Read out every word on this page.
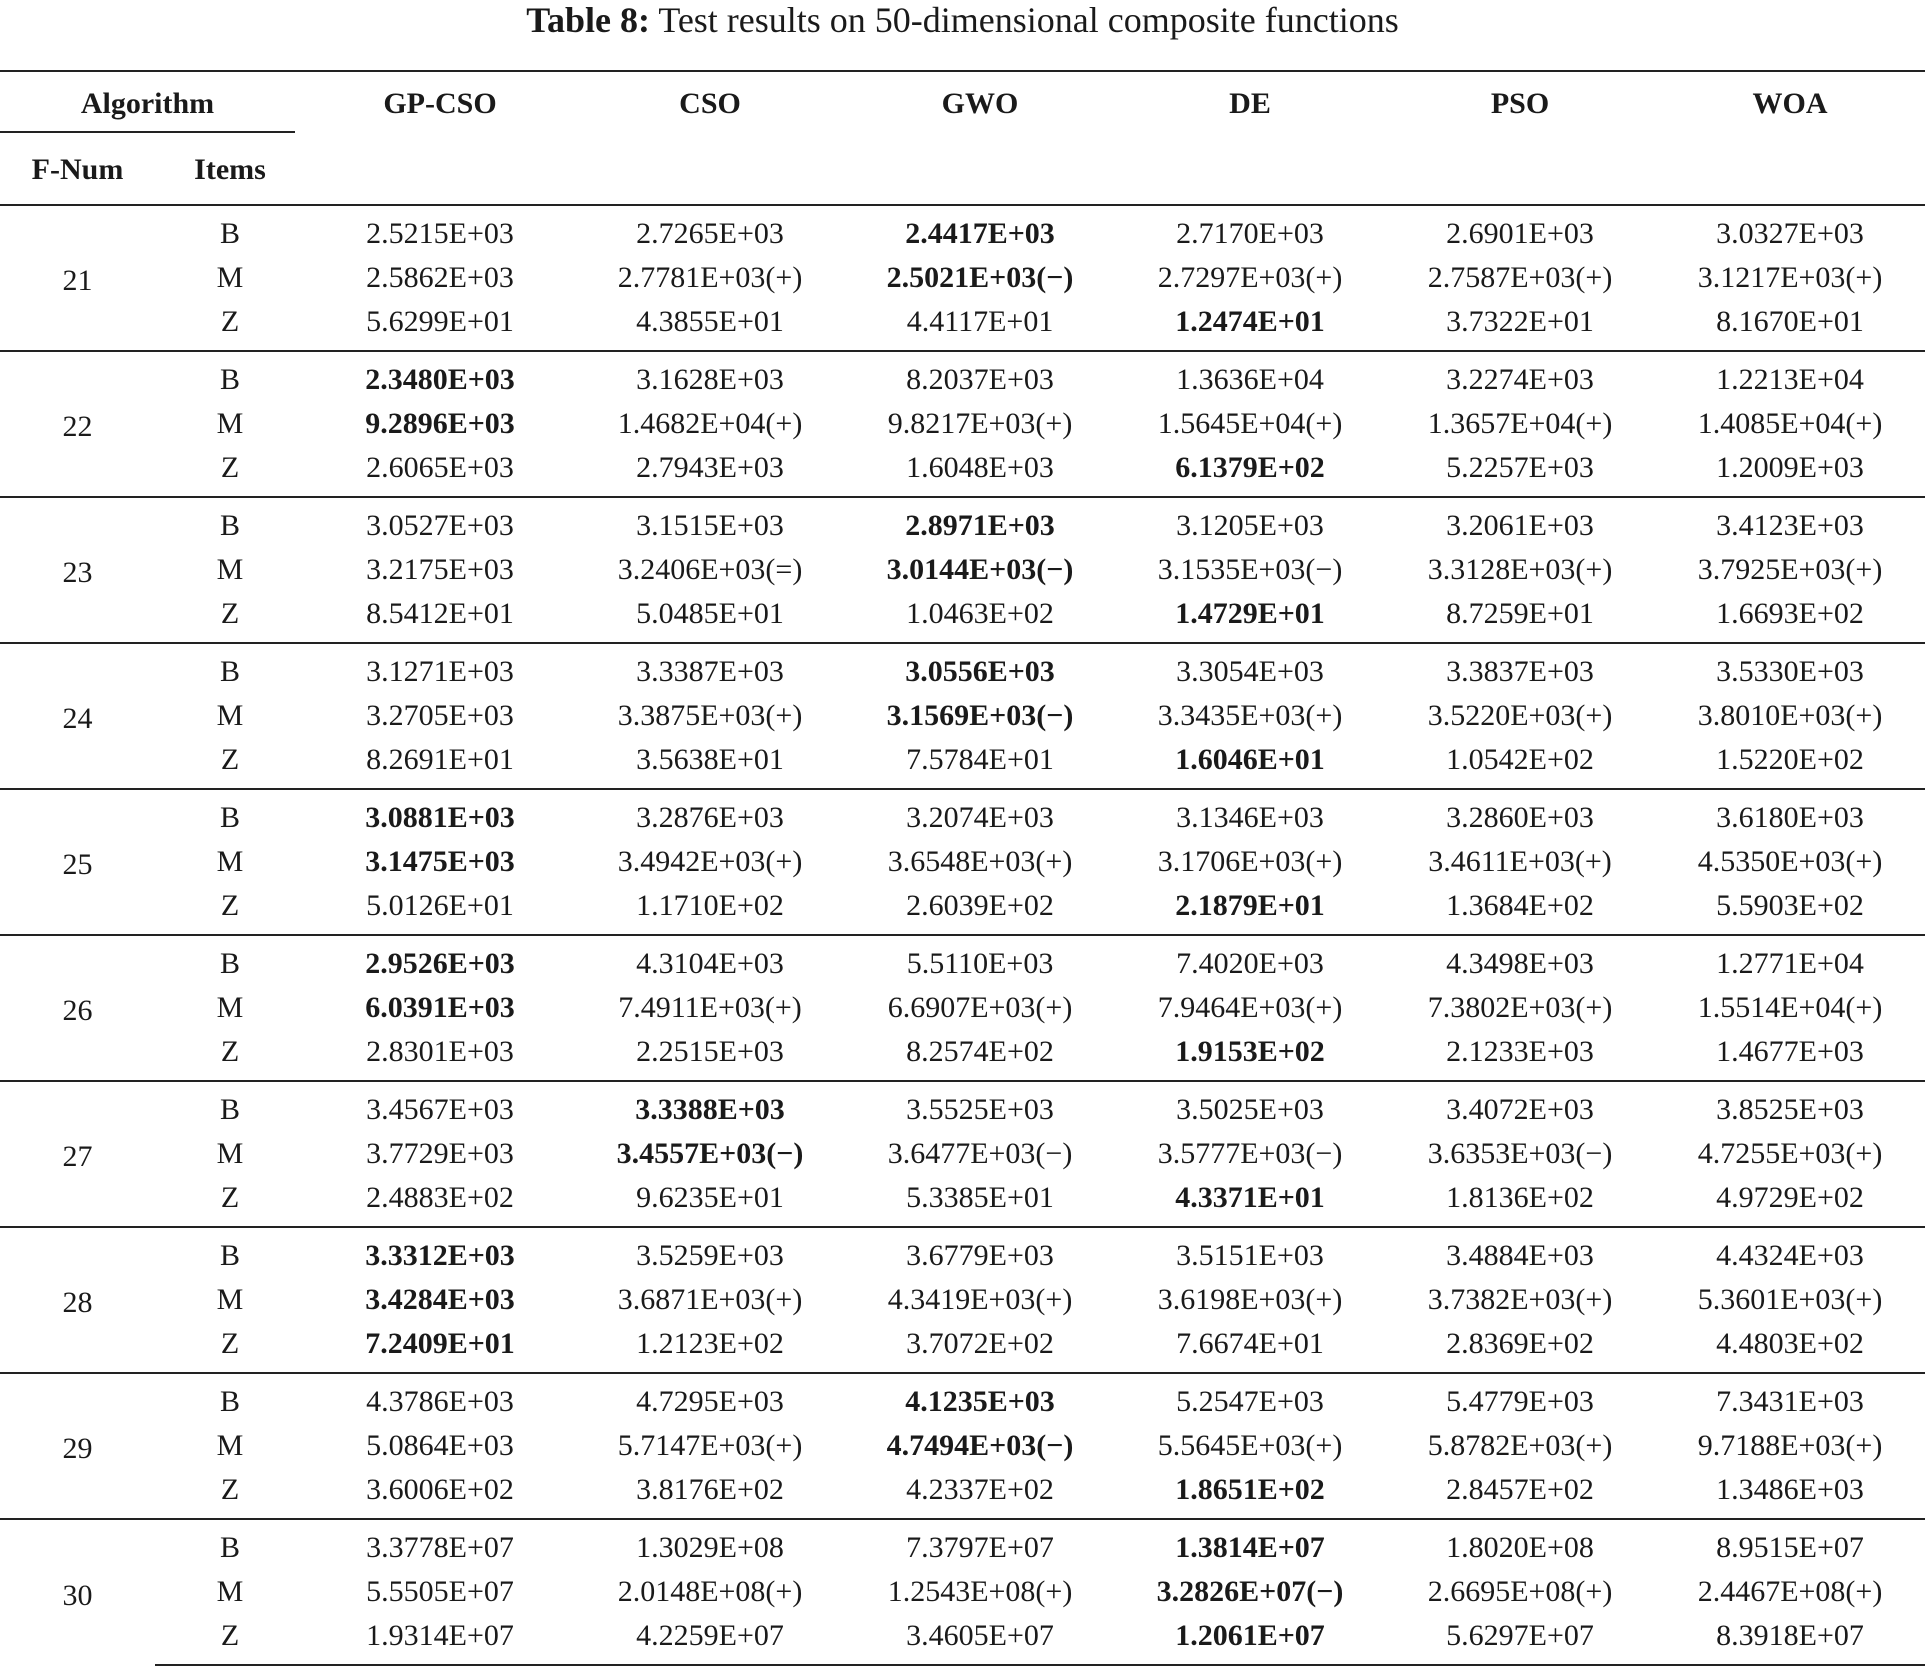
Table 8: Test results on 50-dimensional composite functions
Algorithm		GP-CSO	CSO	GWO	DE	PSO	WOA
F-Num	Items						
21	B	2.5215E+03	2.7265E+03	2.4417E+03	2.7170E+03	2.6901E+03	3.0327E+03
	M	2.5862E+03	2.7781E+03(+)	2.5021E+03(−)	2.7297E+03(+)	2.7587E+03(+)	3.1217E+03(+)
	Z	5.6299E+01	4.3855E+01	4.4117E+01	1.2474E+01	3.7322E+01	8.1670E+01
22	B	2.3480E+03	3.1628E+03	8.2037E+03	1.3636E+04	3.2274E+03	1.2213E+04
	M	9.2896E+03	1.4682E+04(+)	9.8217E+03(+)	1.5645E+04(+)	1.3657E+04(+)	1.4085E+04(+)
	Z	2.6065E+03	2.7943E+03	1.6048E+03	6.1379E+02	5.2257E+03	1.2009E+03
23	B	3.0527E+03	3.1515E+03	2.8971E+03	3.1205E+03	3.2061E+03	3.4123E+03
	M	3.2175E+03	3.2406E+03(=)	3.0144E+03(−)	3.1535E+03(−)	3.3128E+03(+)	3.7925E+03(+)
	Z	8.5412E+01	5.0485E+01	1.0463E+02	1.4729E+01	8.7259E+01	1.6693E+02
24	B	3.1271E+03	3.3387E+03	3.0556E+03	3.3054E+03	3.3837E+03	3.5330E+03
	M	3.2705E+03	3.3875E+03(+)	3.1569E+03(−)	3.3435E+03(+)	3.5220E+03(+)	3.8010E+03(+)
	Z	8.2691E+01	3.5638E+01	7.5784E+01	1.6046E+01	1.0542E+02	1.5220E+02
25	B	3.0881E+03	3.2876E+03	3.2074E+03	3.1346E+03	3.2860E+03	3.6180E+03
	M	3.1475E+03	3.4942E+03(+)	3.6548E+03(+)	3.1706E+03(+)	3.4611E+03(+)	4.5350E+03(+)
	Z	5.0126E+01	1.1710E+02	2.6039E+02	2.1879E+01	1.3684E+02	5.5903E+02
26	B	2.9526E+03	4.3104E+03	5.5110E+03	7.4020E+03	4.3498E+03	1.2771E+04
	M	6.0391E+03	7.4911E+03(+)	6.6907E+03(+)	7.9464E+03(+)	7.3802E+03(+)	1.5514E+04(+)
	Z	2.8301E+03	2.2515E+03	8.2574E+02	1.9153E+02	2.1233E+03	1.4677E+03
27	B	3.4567E+03	3.3388E+03	3.5525E+03	3.5025E+03	3.4072E+03	3.8525E+03
	M	3.7729E+03	3.4557E+03(−)	3.6477E+03(−)	3.5777E+03(−)	3.6353E+03(−)	4.7255E+03(+)
	Z	2.4883E+02	9.6235E+01	5.3385E+01	4.3371E+01	1.8136E+02	4.9729E+02
28	B	3.3312E+03	3.5259E+03	3.6779E+03	3.5151E+03	3.4884E+03	4.4324E+03
	M	3.4284E+03	3.6871E+03(+)	4.3419E+03(+)	3.6198E+03(+)	3.7382E+03(+)	5.3601E+03(+)
	Z	7.2409E+01	1.2123E+02	3.7072E+02	7.6674E+01	2.8369E+02	4.4803E+02
29	B	4.3786E+03	4.7295E+03	4.1235E+03	5.2547E+03	5.4779E+03	7.3431E+03
	M	5.0864E+03	5.7147E+03(+)	4.7494E+03(−)	5.5645E+03(+)	5.8782E+03(+)	9.7188E+03(+)
	Z	3.6006E+02	3.8176E+02	4.2337E+02	1.8651E+02	2.8457E+02	1.3486E+03
30	B	3.3778E+07	1.3029E+08	7.3797E+07	1.3814E+07	1.8020E+08	8.9515E+07
	M	5.5505E+07	2.0148E+08(+)	1.2543E+08(+)	3.2826E+07(−)	2.6695E+08(+)	2.4467E+08(+)
	Z	1.9314E+07	4.2259E+07	3.4605E+07	1.2061E+07	5.6297E+07	8.3918E+07
